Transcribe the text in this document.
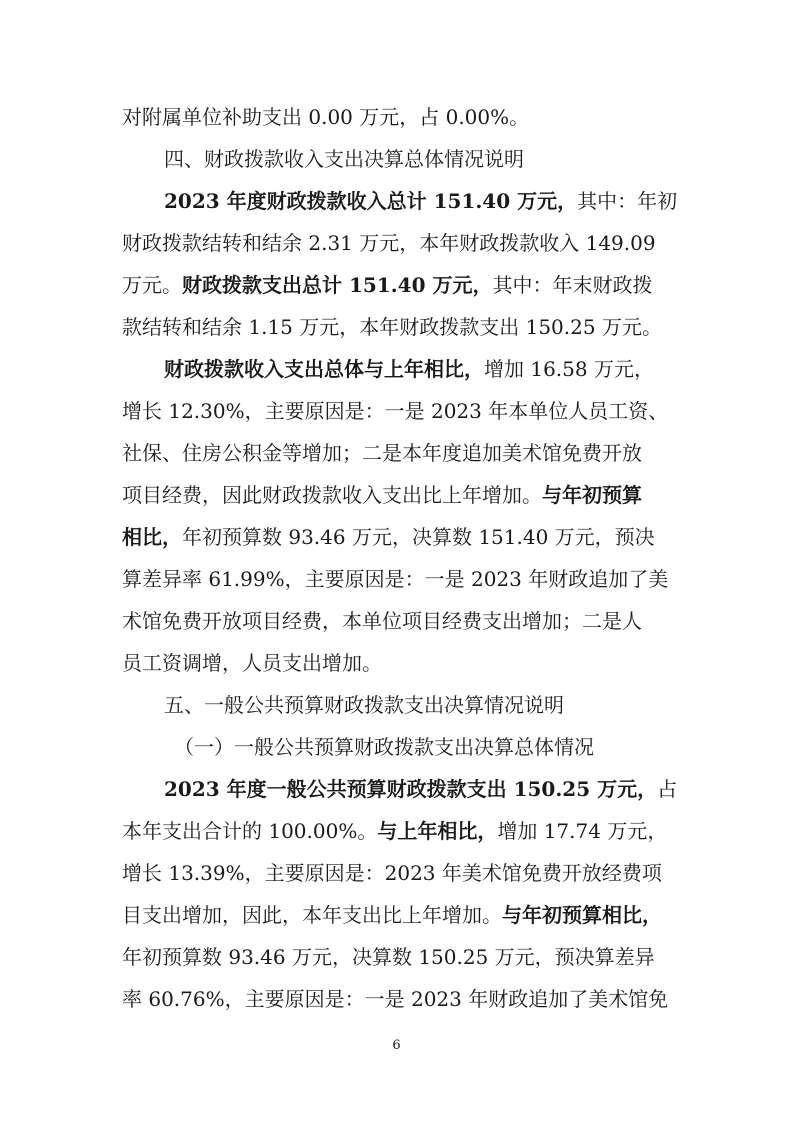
对附属单位补助支出 0.00 万元，占 0.00%。
四、财政拨款收入支出决算总体情况说明
2023 年度财政拨款收入总计 151.40 万元，其中：年初
财政拨款结转和结余 2.31 万元，本年财政拨款收入 149.09
万元。财政拨款支出总计 151.40 万元，其中：年末财政拨
款结转和结余 1.15 万元，本年财政拨款支出 150.25 万元。
财政拨款收入支出总体与上年相比，增加 16.58 万元，
增长 12.30%，主要原因是：一是 2023 年本单位人员工资、
社保、住房公积金等增加；二是本年度追加美术馆免费开放
项目经费，因此财政拨款收入支出比上年增加。与年初预算
相比，年初预算数 93.46 万元，决算数 151.40 万元，预决
算差异率 61.99%，主要原因是：一是 2023 年财政追加了美
术馆免费开放项目经费，本单位项目经费支出增加；二是人
员工资调增，人员支出增加。
五、一般公共预算财政拨款支出决算情况说明
（一）一般公共预算财政拨款支出决算总体情况
2023 年度一般公共预算财政拨款支出 150.25 万元，占
本年支出合计的 100.00%。与上年相比，增加 17.74 万元，
增长 13.39%，主要原因是：2023 年美术馆免费开放经费项
目支出增加，因此，本年支出比上年增加。与年初预算相比，
年初预算数 93.46 万元，决算数 150.25 万元，预决算差异
率 60.76%，主要原因是：一是 2023 年财政追加了美术馆免
6
